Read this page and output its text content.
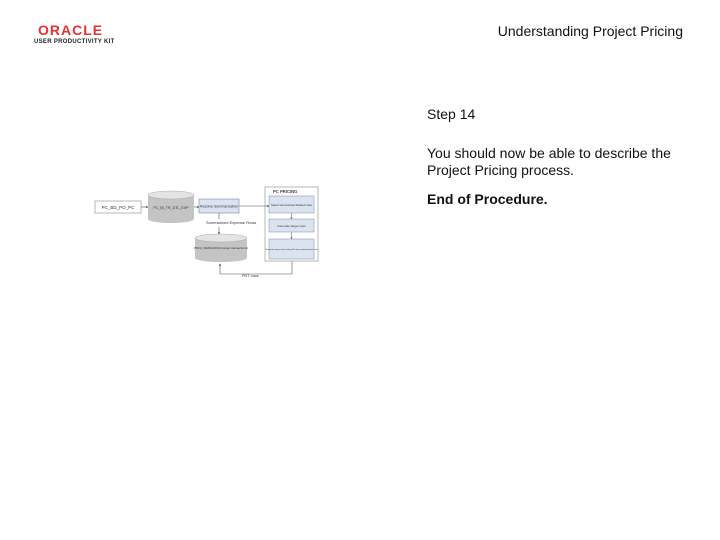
ORACLE
USER PRODUCTIVITY KIT
Understanding Project Pricing
PC_BD_PO_PC	PC_BI_TR_DTL_EXP	Resolve Summarization
Summarized Expense Rows
PROJ_RESOURCE (target transactions)
PDT rows
PC PRICING
Select summarized Related rows
Generate target rows
Generate target rows using Pricing summarization rule

Step 14

You should now be able to describe the Project Pricing process.

End of Procedure.
